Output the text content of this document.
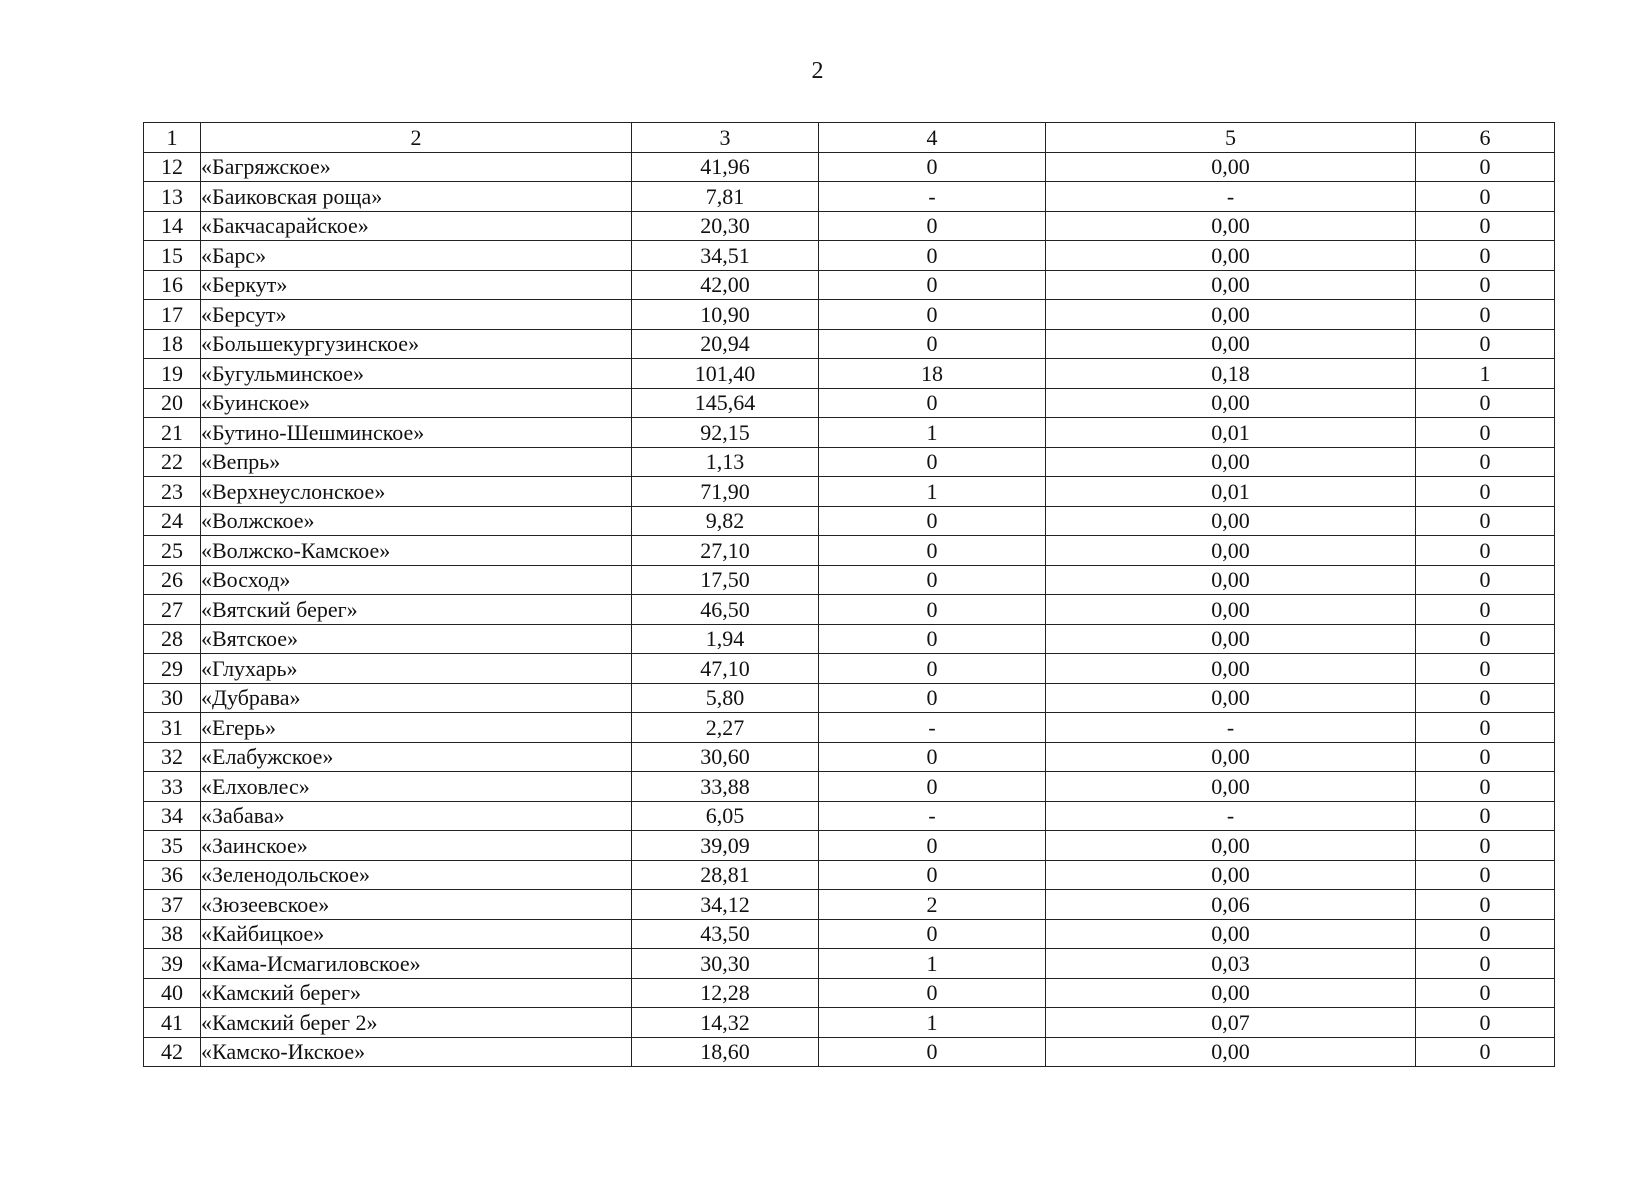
2
1	2	3	4	5	6
12	«Багряжское»	41,96	0	0,00	0
13	«Баиковская роща»	7,81	-	-	0
14	«Бакчасарайское»	20,30	0	0,00	0
15	«Барс»	34,51	0	0,00	0
16	«Беркут»	42,00	0	0,00	0
17	«Берсут»	10,90	0	0,00	0
18	«Большекургузинское»	20,94	0	0,00	0
19	«Бугульминское»	101,40	18	0,18	1
20	«Буинское»	145,64	0	0,00	0
21	«Бутино-Шешминское»	92,15	1	0,01	0
22	«Вепрь»	1,13	0	0,00	0
23	«Верхнеуслонское»	71,90	1	0,01	0
24	«Волжское»	9,82	0	0,00	0
25	«Волжско-Камское»	27,10	0	0,00	0
26	«Восход»	17,50	0	0,00	0
27	«Вятский берег»	46,50	0	0,00	0
28	«Вятское»	1,94	0	0,00	0
29	«Глухарь»	47,10	0	0,00	0
30	«Дубрава»	5,80	0	0,00	0
31	«Егерь»	2,27	-	-	0
32	«Елабужское»	30,60	0	0,00	0
33	«Елховлес»	33,88	0	0,00	0
34	«Забава»	6,05	-	-	0
35	«Заинское»	39,09	0	0,00	0
36	«Зеленодольское»	28,81	0	0,00	0
37	«Зюзеевское»	34,12	2	0,06	0
38	«Кайбицкое»	43,50	0	0,00	0
39	«Кама-Исмагиловское»	30,30	1	0,03	0
40	«Камский берег»	12,28	0	0,00	0
41	«Камский берег 2»	14,32	1	0,07	0
42	«Камско-Икское»	18,60	0	0,00	0
